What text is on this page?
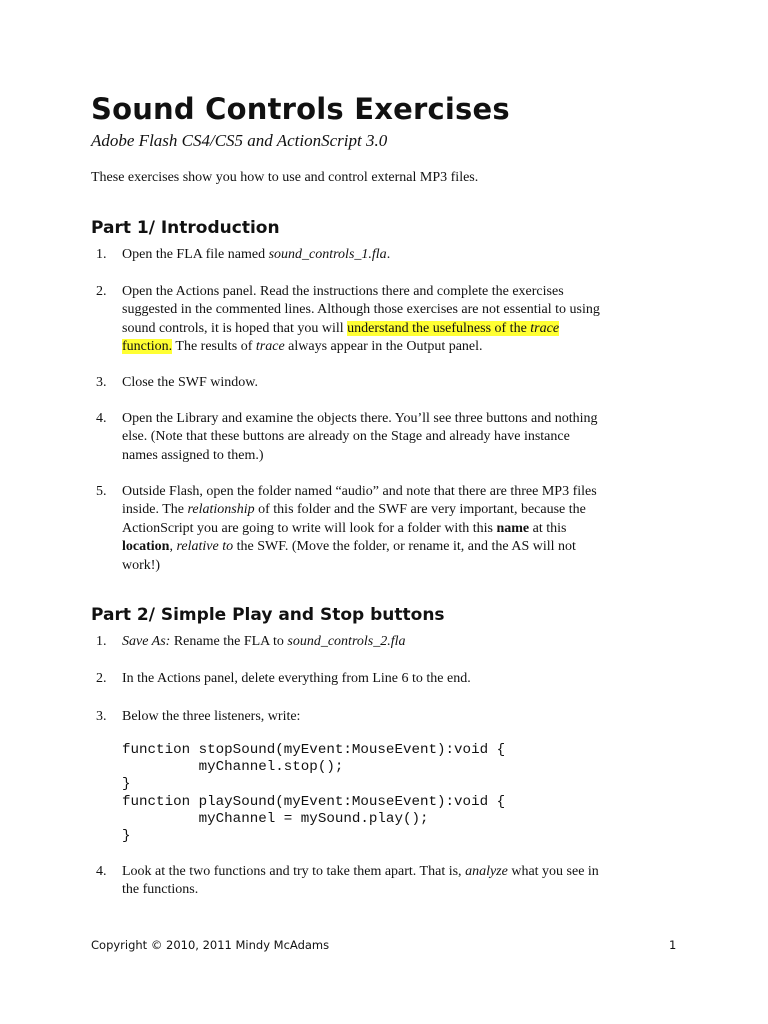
Sound Controls Exercises

Adobe Flash CS4/CS5 and ActionScript 3.0

These exercises show you how to use and control external MP3 files.

Part 1/ Introduction
1. Open the FLA file named sound_controls_1.fla.
2. Open the Actions panel. Read the instructions there and complete the exercises
suggested in the commented lines. Although those exercises are not essential to using
sound controls, it is hoped that you will understand the usefulness of the trace
function. The results of trace always appear in the Output panel.
3. Close the SWF window.
4. Open the Library and examine the objects there. You’ll see three buttons and nothing
else. (Note that these buttons are already on the Stage and already have instance
names assigned to them.)
5. Outside Flash, open the folder named “audio” and note that there are three MP3 files
inside. The relationship of this folder and the SWF are very important, because the
ActionScript you are going to write will look for a folder with this name at this
location, relative to the SWF. (Move the folder, or rename it, and the AS will not
work!)
Part 2/ Simple Play and Stop buttons
1. Save As: Rename the FLA to sound_controls_2.fla
2. In the Actions panel, delete everything from Line 6 to the end.
3. Below the three listeners, write:
function stopSound(myEvent:MouseEvent):void {
myChannel.stop();
}
function playSound(myEvent:MouseEvent):void {
myChannel = mySound.play();
}
4. Look at the two functions and try to take them apart. That is, analyze what you see in
the functions.
Copyright © 2010, 2011 Mindy McAdams	1
